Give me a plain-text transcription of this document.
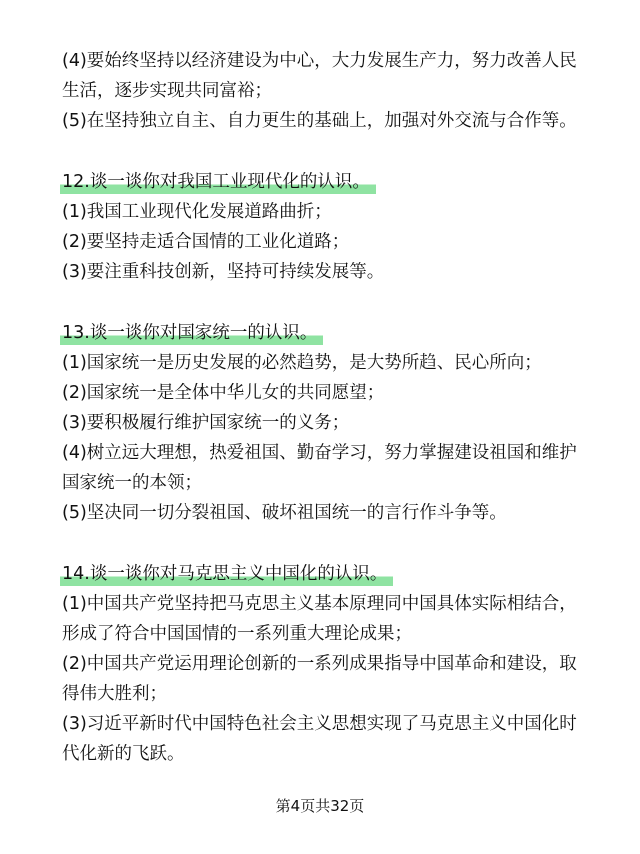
(4)要始终坚持以经济建设为中心，大力发展生产力，努力改善人民
生活，逐步实现共同富裕；
(5)在坚持独立自主、自力更生的基础上，加强对外交流与合作等。
12.谈一谈你对我国工业现代化的认识。
(1)我国工业现代化发展道路曲折；
(2)要坚持走适合国情的工业化道路；
(3)要注重科技创新，坚持可持续发展等。
13.谈一谈你对国家统一的认识。
(1)国家统一是历史发展的必然趋势，是大势所趋、民心所向；
(2)国家统一是全体中华儿女的共同愿望；
(3)要积极履行维护国家统一的义务；
(4)树立远大理想，热爱祖国、勤奋学习，努力掌握建设祖国和维护
国家统一的本领；
(5)坚决同一切分裂祖国、破坏祖国统一的言行作斗争等。
14.谈一谈你对马克思主义中国化的认识。
(1)中国共产党坚持把马克思主义基本原理同中国具体实际相结合，
形成了符合中国国情的一系列重大理论成果；
(2)中国共产党运用理论创新的一系列成果指导中国革命和建设，取
得伟大胜利；
(3)习近平新时代中国特色社会主义思想实现了马克思主义中国化时
代化新的飞跃。
第4页共32页
